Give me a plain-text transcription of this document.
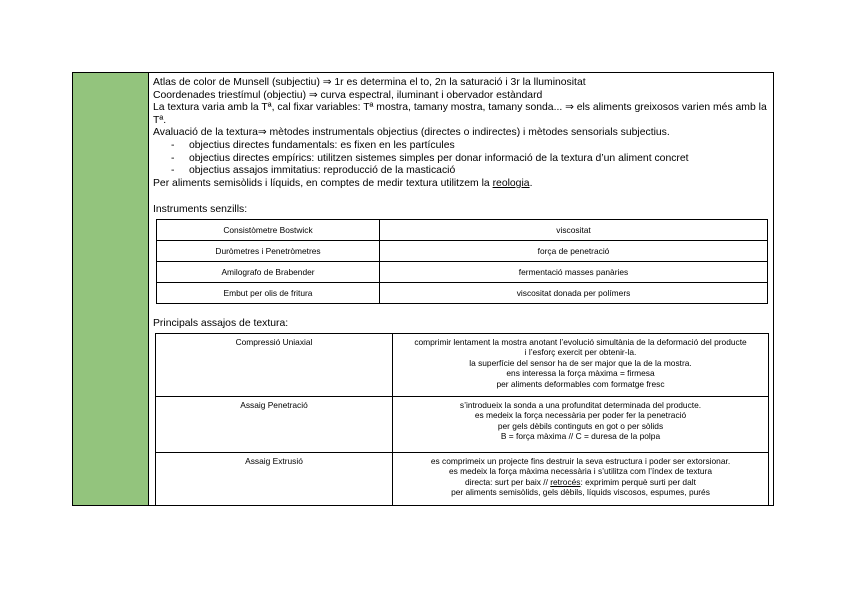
Atlas de color de Munsell (subjectiu) ⇒ 1r es determina el to, 2n la saturació i 3r la lluminositat

Coordenades triestímul (objectiu) ⇒ curva espectral, iluminant i obervador estàndard

La textura varia amb la Tª, cal fixar variables: Tª mostra, tamany mostra, tamany sonda... ⇒ els aliments greixosos varien més amb la Tª.

Avaluació de la textura⇒ mètodes instrumentals objectius (directes o indirectes) i mètodes sensorials subjectius.

- objectius directes fundamentals: es fixen en les partícules
- objectius directes empírics: utilitzen sistemes simples per donar informació de la textura d’un aliment concret
- objectius assajos immitatius: reproducció de la masticació

Per aliments semisòlids i líquids, en comptes de medir textura utilitzem la reologia.

Instruments senzills:

Consistòmetre Bostwick	viscositat
Duròmetres i Penetròmetres	força de penetració
Amilografo de Brabender	fermentació masses panàries
Embut per olis de fritura	viscositat donada per polímers

Principals assajos de textura:

Compressió Uniaxial	comprimir lentament la mostra anotant l’evolució simultània de la deformació del producte
i l’esforç exercit per obtenir-la.
la superfície del sensor ha de ser major que la de la mostra.
ens interessa la força màxima = firmesa
per aliments deformables com formatge fresc

Assaig Penetració	s’introdueix la sonda a una profunditat determinada del producte.
es medeix la força necessària per poder fer la penetració
per gels dèbils continguts en got o per sòlids
B = força màxima // C = duresa de la polpa

Assaig Extrusió	es comprimeix un projecte fins destruir la seva estructura i poder ser extorsionar.
es medeix la força màxima necessària i s’utilitza com l’índex de textura
directa: surt per baix // retrocés: exprimim perquè surti per dalt
per aliments semisòlids, gels dèbils, líquids viscosos, espumes, purés
